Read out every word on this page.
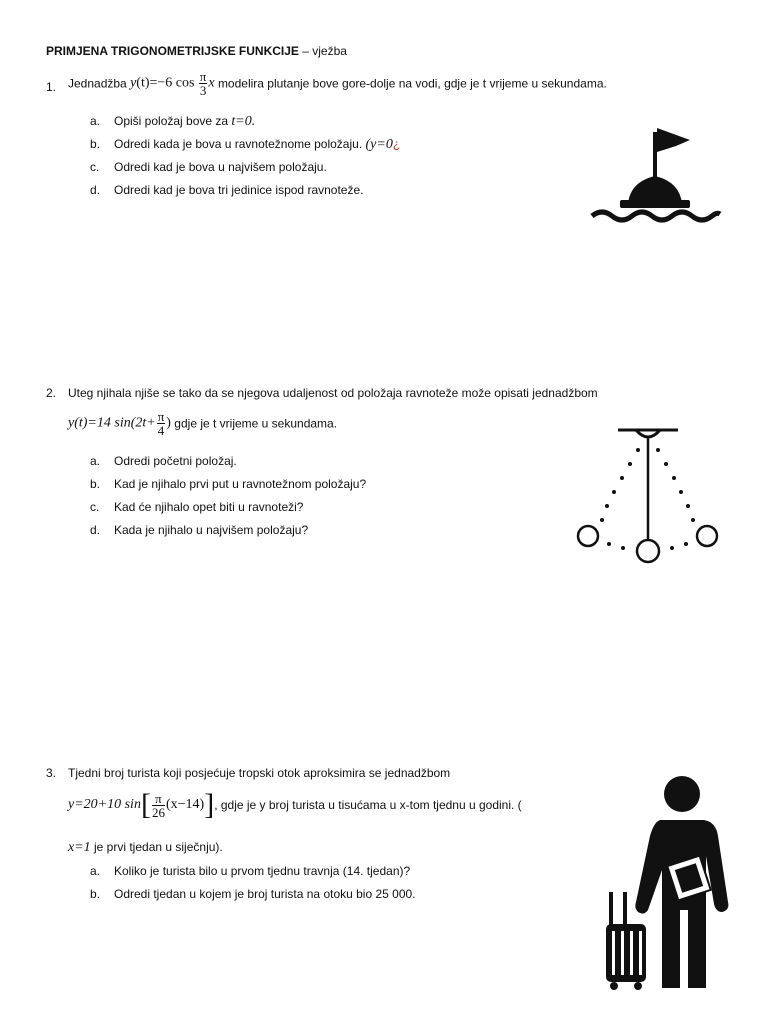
PRIMJENA TRIGONOMETRIJSKE FUNKCIJE – vježba
1. Jednadžba y(t)=−6 $\cos \frac{\pi}{3}$ x modelira plutanje bove gore-dolje na vodi, gdje je t vrijeme u sekundama.
a. Opiši položaj bove za t=0.
b. Odredi kada je bova u ravnotežnome položaju. (y=0¿
c. Odredi kad je bova u najvišem položaju.
d. Odredi kad je bova tri jedinice ispod ravnoteže.
2. Uteg njihala njiše se tako da se njegova udaljenost od položaja ravnoteže može opisati jednadžbom
y(t)=14 $\sin(2t+ \frac{\pi}{4}$ ) gdje je t vrijeme u sekundama.
a. Odredi početni položaj.
b. Kad je njihalo prvi put u ravnotežnom položaju?
c. Kad će njihalo opet biti u ravnoteži?
d. Kada je njihalo u najvišem položaju?
3. Tjedni broj turista koji posjećuje tropski otok aproksimira se jednadžbom
y=20+10 $\sin[ \frac{\pi}{26} (x-14)]$, gdje je y broj turista u tisućama u x-tom tjednu u godini. (
x=1 je prvi tjedan u siječnju).
a. Koliko je turista bilo u prvom tjednu travnja (14. tjedan)?
b. Odredi tjedan u kojem je broj turista na otoku bio 25 000.
